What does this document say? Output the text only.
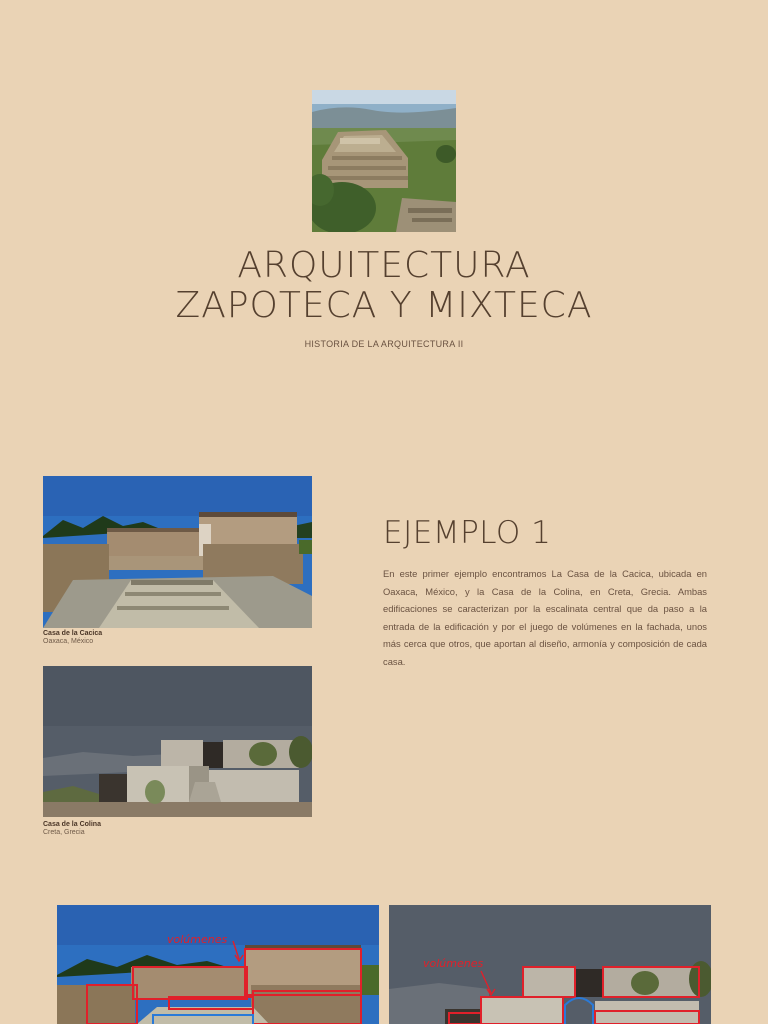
ARQUITECTURA
ZAPOTECA Y MIXTECA
HISTORIA DE LA ARQUITECTURA II
Casa de la Cacica
Oaxaca, México
Casa de la Colina
Creta, Grecia
EJEMPLO 1
En este primer ejemplo encontramos La Casa de la Cacica, ubicada en Oaxaca, México, y la Casa de la Colina, en Creta, Grecia. Ambas edificaciones se caracterizan por la escalinata central que da paso a la entrada de la edificación y por el juego de volúmenes en la fachada, unos más cerca que otros, que aportan al diseño, armonía y composición de cada casa.
volúmenes
volúmenes
